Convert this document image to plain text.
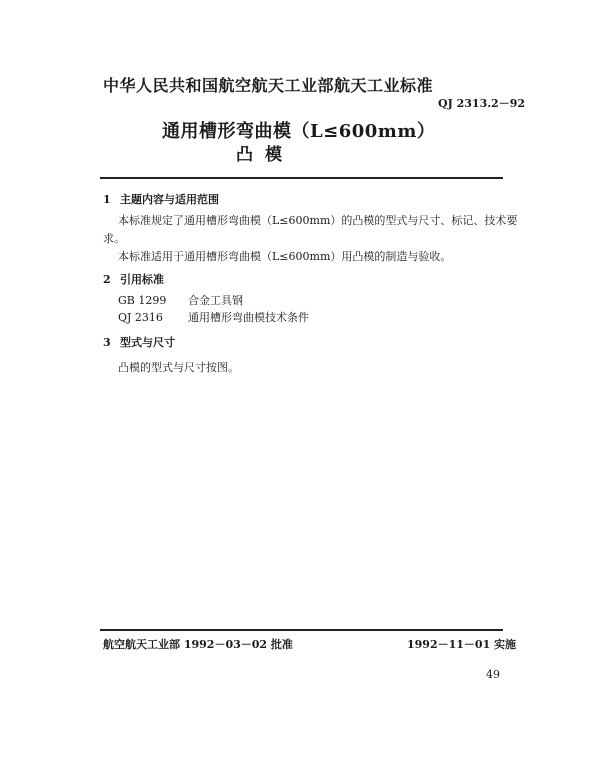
中华人民共和国航空航天工业部航天工业标准
QJ 2313.2－92
通用槽形弯曲模（L≤600mm）
凸模
1 主题内容与适用范围
本标准规定了通用槽形弯曲模（L≤600mm）的凸模的型式与尺寸、标记、技术要
求。
本标准适用于通用槽形弯曲模（L≤600mm）用凸模的制造与验收。
2 引用标准
GB 1299 合金工具钢
QJ 2316 通用槽形弯曲模技术条件
3 型式与尺寸
凸模的型式与尺寸按图。
航空航天工业部 1992－03－02 批准	1992－11－01 实施
49
